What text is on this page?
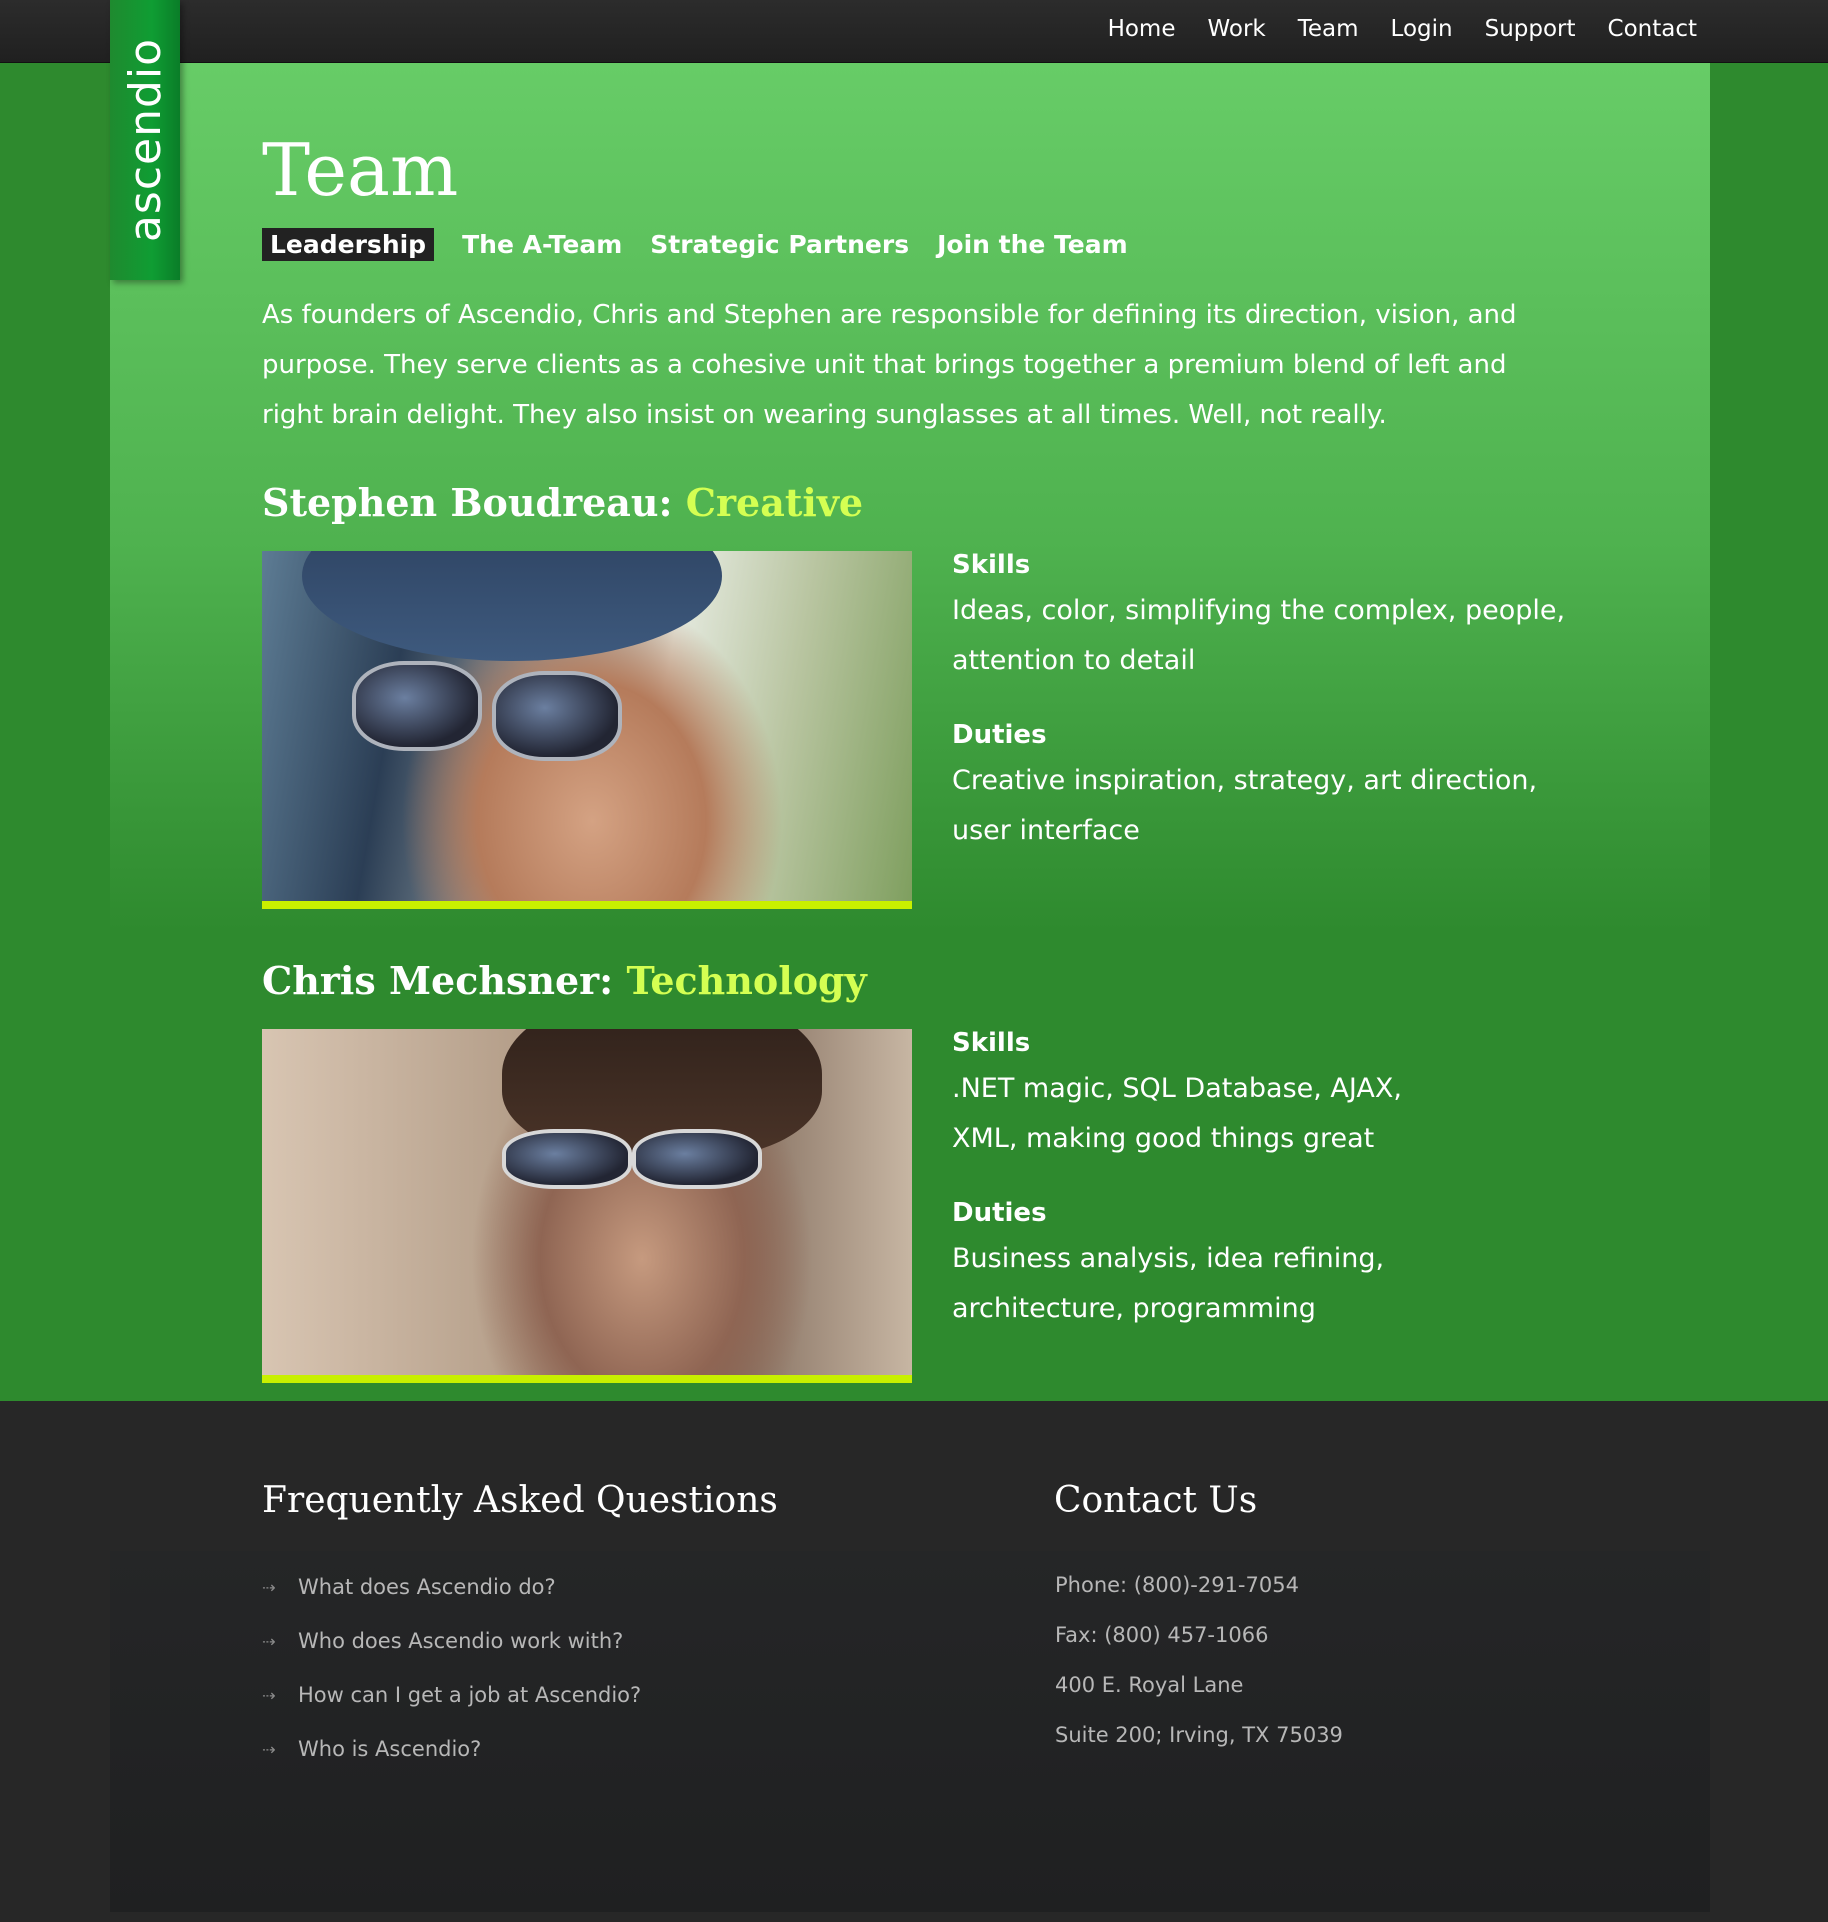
Home Work Team Login Support Contact
ascendio Team
Leadership	The A-Team Strategic Partners Join the Team

As founders of Ascendio, Chris and Stephen are responsible for defining its direction, vision, and purpose. They serve clients as a cohesive unit that brings together a premium blend of left and right brain delight. They also insist on wearing sunglasses at all times. Well, not really.

Stephen Boudreau: Creative
Skills

Ideas, color, simplifying the complex, people, attention to detail

Duties

Creative inspiration, strategy, art direction, user interface

Chris Mechsner: Technology
Skills

.NET magic, SQL Database, AJAX, XML, making good things great

Duties

Business analysis, idea refining, architecture, programming

Frequently Asked Questions
⇢	What does Ascendio do?
⇢	Who does Ascendio work with?
⇢	How can I get a job at Ascendio?
⇢	Who is Ascendio?
Contact Us
Phone: (800)-291-7054
Fax: (800) 457-1066
400 E. Royal Lane
Suite 200; Irving, TX 75039
